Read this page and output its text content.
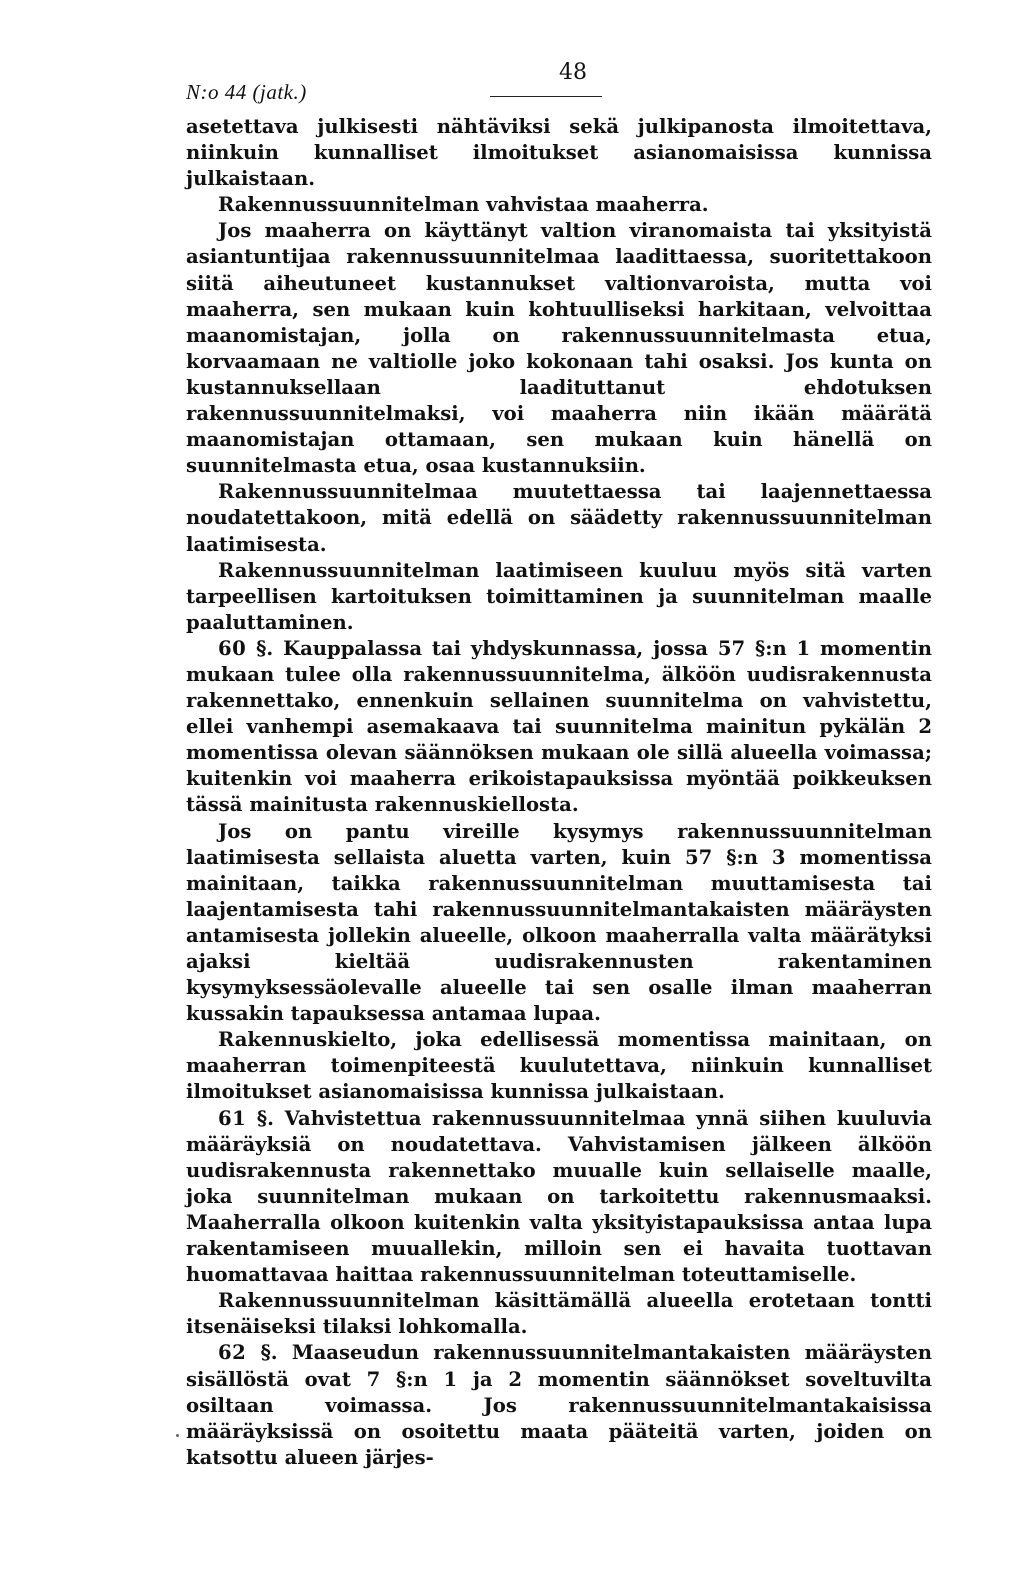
N:o 44 (jatk.)
48

asetettava julkisesti nähtäviksi sekä julkipanosta ilmoitettava, niinkuin kunnalliset ilmoitukset asianomaisissa kunnissa julkaistaan.

Rakennussuunnitelman vahvistaa maaherra.

Jos maaherra on käyttänyt valtion viranomaista tai yksityistä asiantuntijaa rakennussuunnitelmaa laadittaessa, suoritettakoon siitä aiheutuneet kustannukset valtionvaroista, mutta voi maaherra, sen mukaan kuin kohtuulliseksi harkitaan, velvoittaa maanomistajan, jolla on rakennussuunnitelmasta etua, korvaamaan ne valtiolle joko kokonaan tahi osaksi. Jos kunta on kustannuksellaan laadituttanut ehdotuksen rakennussuunnitelmaksi, voi maaherra niin ikään määrätä maanomistajan ottamaan, sen mukaan kuin hänellä on suunnitelmasta etua, osaa kustannuksiin.

Rakennussuunnitelmaa muutettaessa tai laajennettaessa noudatettakoon, mitä edellä on säädetty rakennussuunnitelman laatimisesta.

Rakennussuunnitelman laatimiseen kuuluu myös sitä varten tarpeellisen kartoituksen toimittaminen ja suunnitelman maalle paaluttaminen.

60 §. Kauppalassa tai yhdyskunnassa, jossa 57 §:n 1 momentin mukaan tulee olla rakennussuunnitelma, älköön uudisrakennusta rakennettako, ennenkuin sellainen suunnitelma on vahvistettu, ellei vanhempi asemakaava tai suunnitelma mainitun pykälän 2 momentissa olevan säännöksen mukaan ole sillä alueella voimassa; kuitenkin voi maaherra erikoistapauksissa myöntää poikkeuksen tässä mainitusta rakennuskiellosta.

Jos on pantu vireille kysymys rakennussuunnitelman laatimisesta sellaista aluetta varten, kuin 57 §:n 3 momentissa mainitaan, taikka rakennussuunnitelman muuttamisesta tai laajentamisesta tahi rakennussuunnitelmantakaisten määräysten antamisesta jollekin alueelle, olkoon maaherralla valta määrätyksi ajaksi kieltää uudisrakennusten rakentaminen kysymyksessäolevalle alueelle tai sen osalle ilman maaherran kussakin tapauksessa antamaa lupaa.

Rakennuskielto, joka edellisessä momentissa mainitaan, on maaherran toimenpiteestä kuulutettava, niinkuin kunnalliset ilmoitukset asianomaisissa kunnissa julkaistaan.

61 §. Vahvistettua rakennussuunnitelmaa ynnä siihen kuuluvia määräyksiä on noudatettava. Vahvistamisen jälkeen älköön uudisrakennusta rakennettako muualle kuin sellaiselle maalle, joka suunnitelman mukaan on tarkoitettu rakennusmaaksi. Maaherralla olkoon kuitenkin valta yksityistapauksissa antaa lupa rakentamiseen muuallekin, milloin sen ei havaita tuottavan huomattavaa haittaa rakennussuunnitelman toteuttamiselle.

Rakennussuunnitelman käsittämällä alueella erotetaan tontti itsenäiseksi tilaksi lohkomalla.

62 §. Maaseudun rakennussuunnitelmantakaisten määräysten sisällöstä ovat 7 §:n 1 ja 2 momentin säännökset soveltuvilta osiltaan voimassa. Jos rakennussuunnitelmantakaisissa määräyksissä on osoitettu maata pääteitä varten, joiden on katsottu alueen järjes-
